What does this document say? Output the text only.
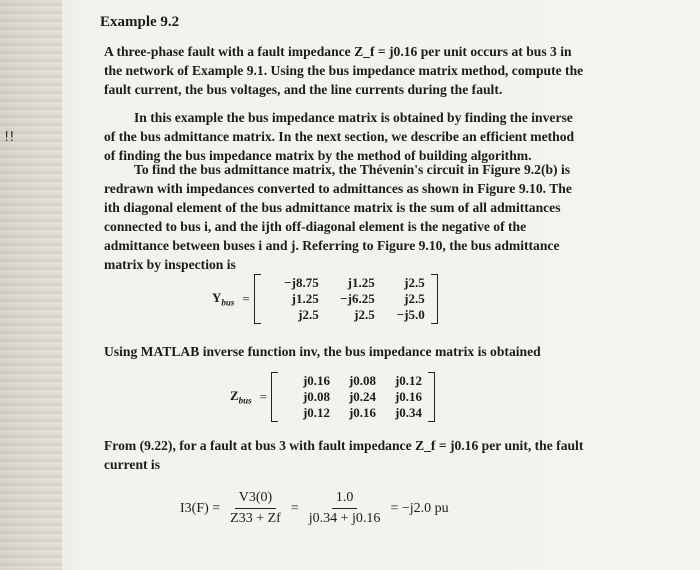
!!
Example 9.2
A three-phase fault with a fault impedance Z_f = j0.16 per unit occurs at bus 3 in the network of Example 9.1. Using the bus impedance matrix method, compute the fault current, the bus voltages, and the line currents during the fault.
In this example the bus impedance matrix is obtained by finding the inverse of the bus admittance matrix. In the next section, we describe an efficient method of finding the bus impedance matrix by the method of building algorithm.
To find the bus admittance matrix, the Thévenin's circuit in Figure 9.2(b) is redrawn with impedances converted to admittances as shown in Figure 9.10. The ith diagonal element of the bus admittance matrix is the sum of all admittances connected to bus i, and the ijth off-diagonal element is the negative of the admittance between buses i and j. Referring to Figure 9.10, the bus admittance matrix by inspection is
$Y_{bus}$ =
−j8.75	j1.25	j2.5
j1.25	−j6.25	j2.5
j2.5	j2.5	−j5.0
Using MATLAB inverse function inv, the bus impedance matrix is obtained
$Z_{bus}$ =
j0.16	j0.08	j0.12
j0.08	j0.24	j0.16
j0.12	j0.16	j0.34
From (9.22), for a fault at bus 3 with fault impedance Z_f = j0.16 per unit, the fault current is
$I3(F) = \frac{V3(0)}{Z33 + Zf} = \frac{1.0}{j0.34 + j0.16} = -j2.0$ pu
